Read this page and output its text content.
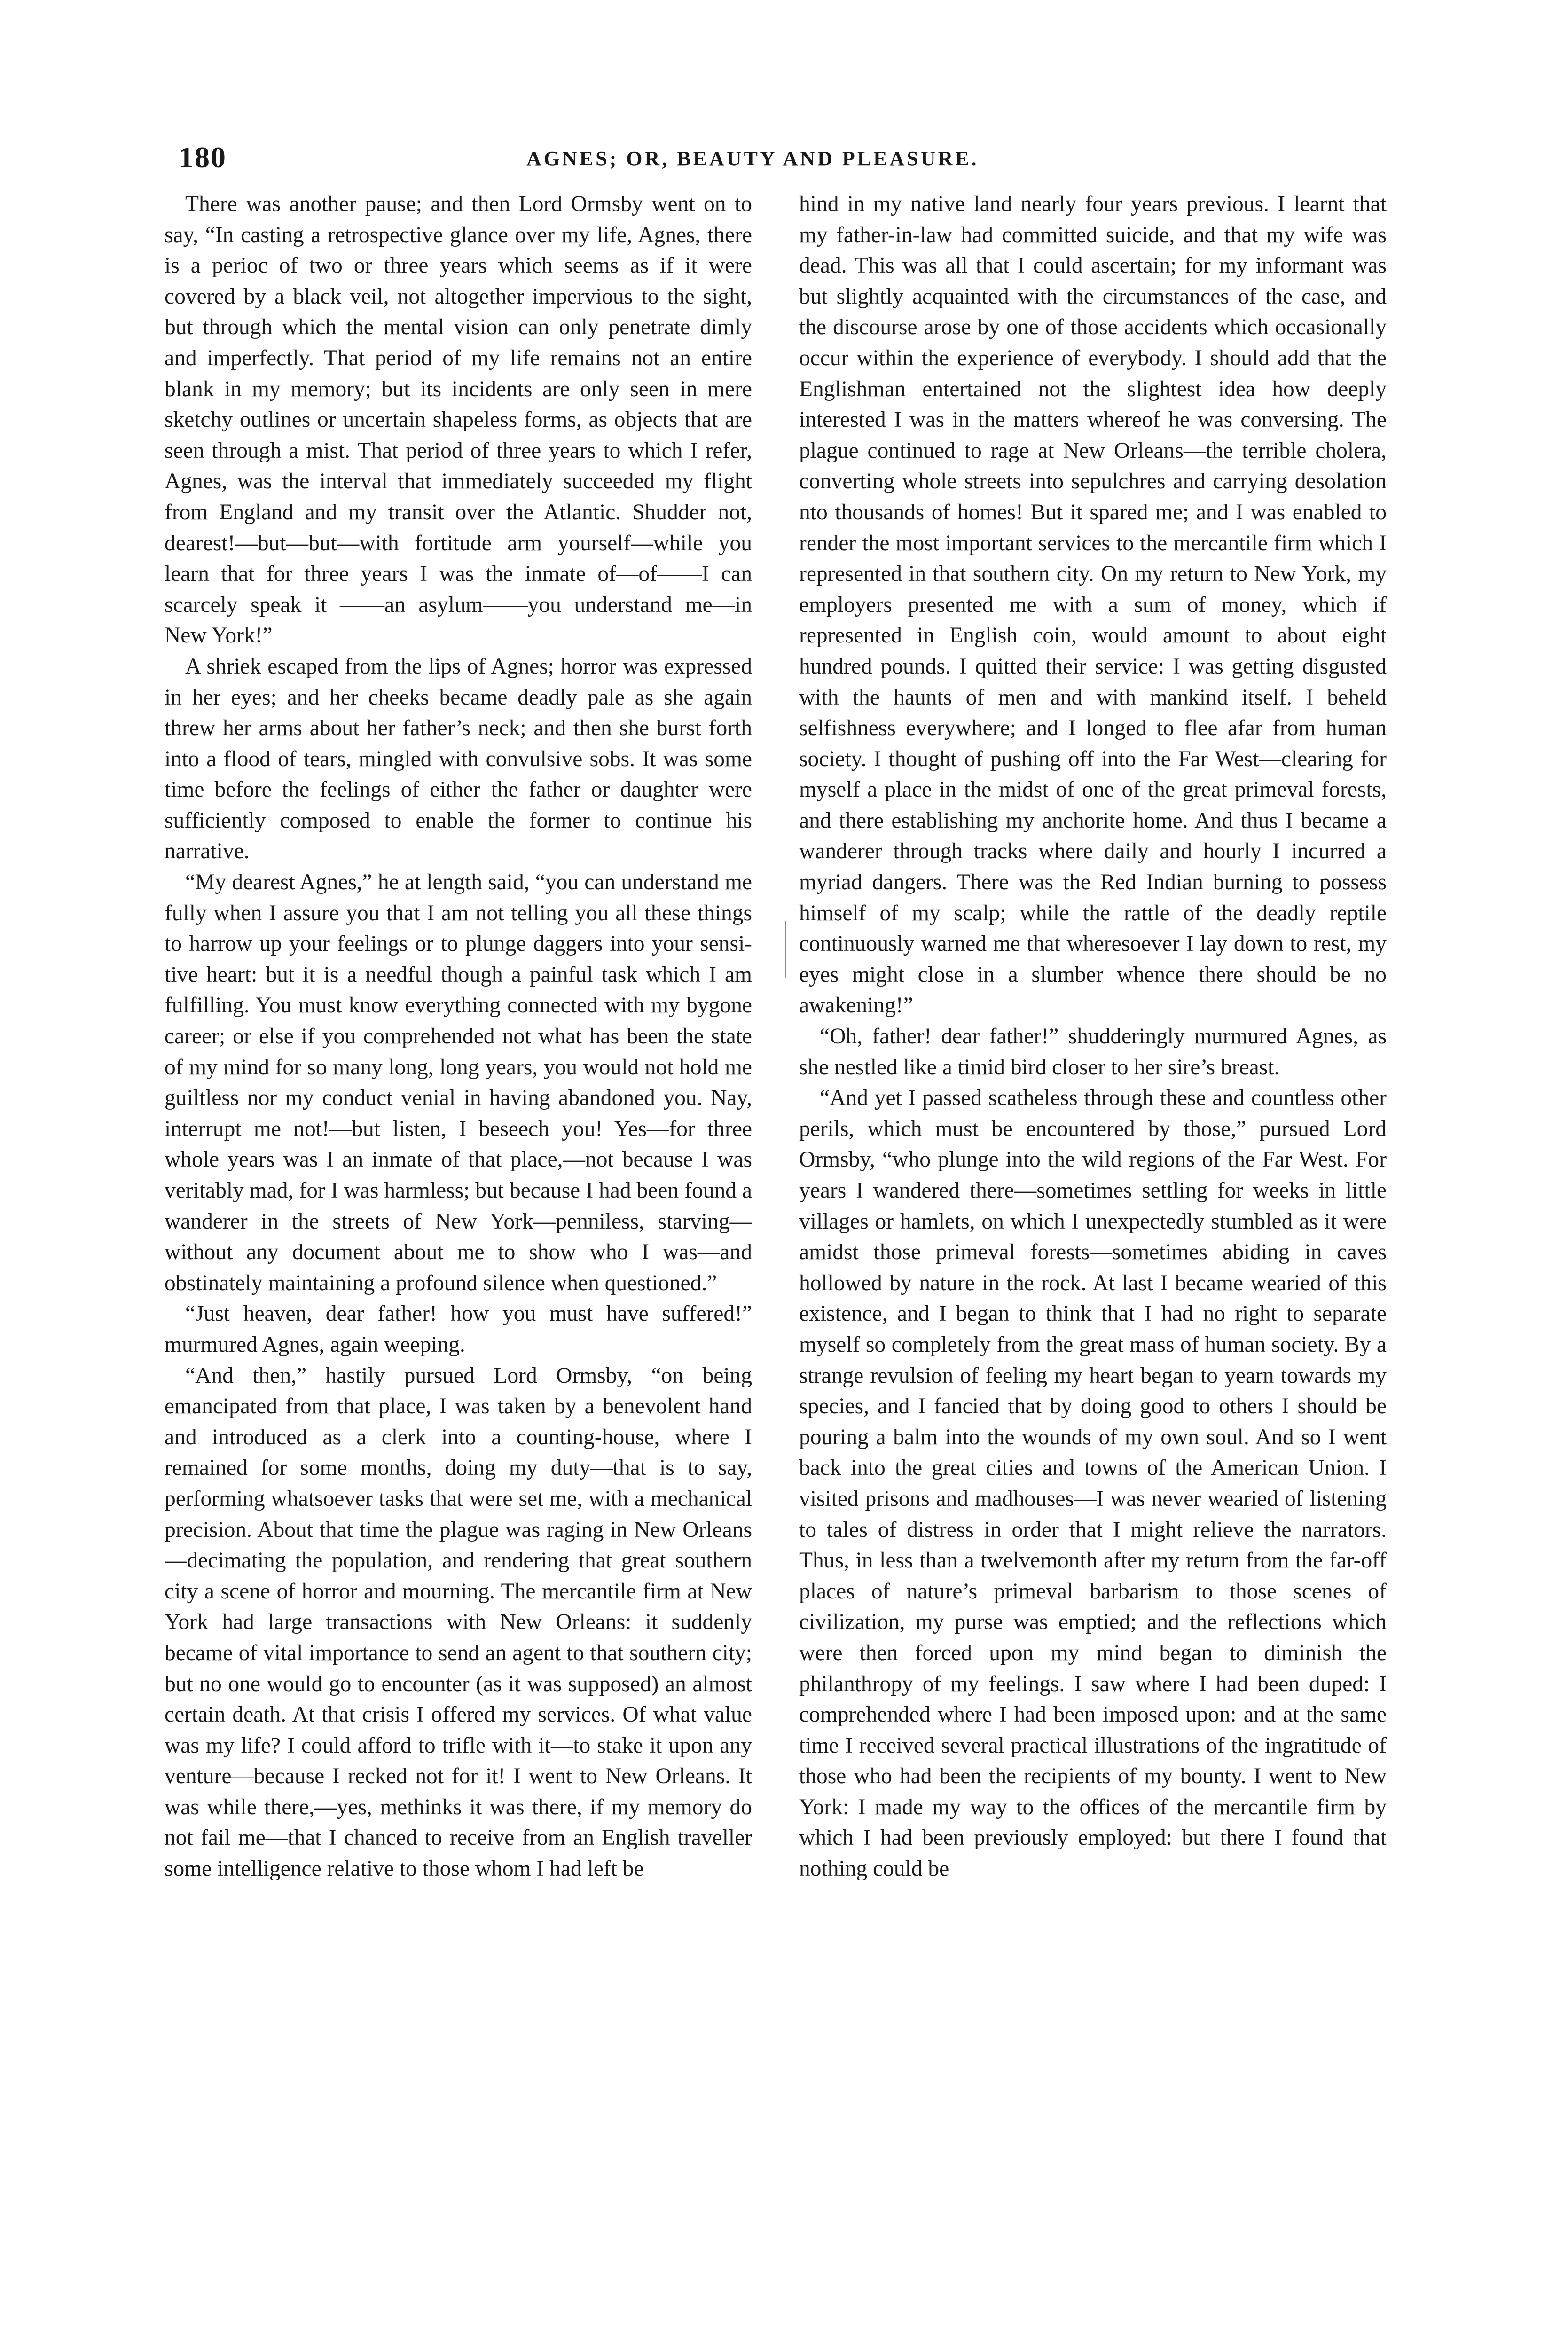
180	AGNES; OR, BEAUTY AND PLEASURE.

There was another pause; and then Lord Ormsby went on to say, “In casting a retrospective glance over my life, Agnes, there is a perioc of two or three years which seems as if it were covered by a black veil, not altogether impervious to the sight, but through which the mental vision can only penetrate dimly and imperfectly. That period of my life remains not an entire blank in my memory; but its incidents are only seen in mere sketchy outlines or uncertain shapeless forms, as objects that are seen through a mist. That period of three years to which I refer, Agnes, was the interval that immediately succeeded my flight from England and my transit over the Atlantic. Shudder not, dearest!—but—but—with fortitude arm yourself—while you learn that for three years I was the inmate of—of——I can scarcely speak it ——an asylum——you understand me—in New York!”

A shriek escaped from the lips of Agnes; horror was expressed in her eyes; and her cheeks became deadly pale as she again threw her arms about her father’s neck; and then she burst forth into a flood of tears, mingled with convulsive sobs. It was some time before the feelings of either the father or daughter were sufficiently composed to enable the former to continue his narrative.

“My dearest Agnes,” he at length said, “you can understand me fully when I assure you that I am not telling you all these things to harrow up your feelings or to plunge daggers into your sensitive heart: but it is a needful though a painful task which I am fulfilling. You must know everything connected with my bygone career; or else if you comprehended not what has been the state of my mind for so many long, long years, you would not hold me guiltless nor my conduct venial in having abandoned you. Nay, interrupt me not!—but listen, I beseech you! Yes—for three whole years was I an inmate of that place,—not because I was veritably mad, for I was harmless; but because I had been found a wanderer in the streets of New York—penniless, starving—without any document about me to show who I was—and obstinately maintaining a profound silence when questioned.”

“Just heaven, dear father! how you must have suffered!” murmured Agnes, again weeping.

“And then,” hastily pursued Lord Ormsby, “on being emancipated from that place, I was taken by a benevolent hand and introduced as a clerk into a counting-house, where I remained for some months, doing my duty—that is to say, performing whatsoever tasks that were set me, with a mechanical precision. About that time the plague was raging in New Orleans—decimating the population, and rendering that great southern city a scene of horror and mourning. The mercantile firm at New York had large transactions with New Orleans: it suddenly became of vital importance to send an agent to that southern city; but no one would go to encounter (as it was supposed) an almost certain death. At that crisis I offered my services. Of what value was my life? I could afford to trifle with it—to stake it upon any venture—because I recked not for it! I went to New Orleans. It was while there,—yes, methinks it was there, if my memory do not fail me—that I chanced to receive from an English traveller some intelligence relative to those whom I had left be

hind in my native land nearly four years previous. I learnt that my father-in-law had committed suicide, and that my wife was dead. This was all that I could ascertain; for my informant was but slightly acquainted with the circumstances of the case, and the discourse arose by one of those accidents which occasionally occur within the experience of everybody. I should add that the Englishman entertained not the slightest idea how deeply interested I was in the matters whereof he was conversing. The plague continued to rage at New Orleans—the terrible cholera, converting whole streets into sepulchres and carrying desolation nto thousands of homes! But it spared me; and I was enabled to render the most important services to the mercantile firm which I represented in that southern city. On my return to New York, my employers presented me with a sum of money, which if represented in English coin, would amount to about eight hundred pounds. I quitted their service: I was getting disgusted with the haunts of men and with mankind itself. I beheld selfishness everywhere; and I longed to flee afar from human society. I thought of pushing off into the Far West—clearing for myself a place in the midst of one of the great primeval forests, and there establishing my anchorite home. And thus I became a wanderer through tracks where daily and hourly I incurred a myriad dangers. There was the Red Indian burning to possess himself of my scalp; while the rattle of the deadly reptile continuously warned me that wheresoever I lay down to rest, my eyes might close in a slumber whence there should be no awakening!”

“Oh, father! dear father!” shudderingly murmured Agnes, as she nestled like a timid bird closer to her sire’s breast.

“And yet I passed scatheless through these and countless other perils, which must be encountered by those,” pursued Lord Ormsby, “who plunge into the wild regions of the Far West. For years I wandered there—sometimes settling for weeks in little villages or hamlets, on which I unexpectedly stumbled as it were amidst those primeval forests—sometimes abiding in caves hollowed by nature in the rock. At last I became wearied of this existence, and I began to think that I had no right to separate myself so completely from the great mass of human society. By a strange revulsion of feeling my heart began to yearn towards my species, and I fancied that by doing good to others I should be pouring a balm into the wounds of my own soul. And so I went back into the great cities and towns of the American Union. I visited prisons and madhouses—I was never wearied of listening to tales of distress in order that I might relieve the narrators. Thus, in less than a twelvemonth after my return from the far-off places of nature’s primeval barbarism to those scenes of civilization, my purse was emptied; and the reflections which were then forced upon my mind began to diminish the philanthropy of my feelings. I saw where I had been duped: I comprehended where I had been imposed upon: and at the same time I received several practical illustrations of the ingratitude of those who had been the recipients of my bounty. I went to New York: I made my way to the offices of the mercantile firm by which I had been previously employed: but there I found that nothing could be
